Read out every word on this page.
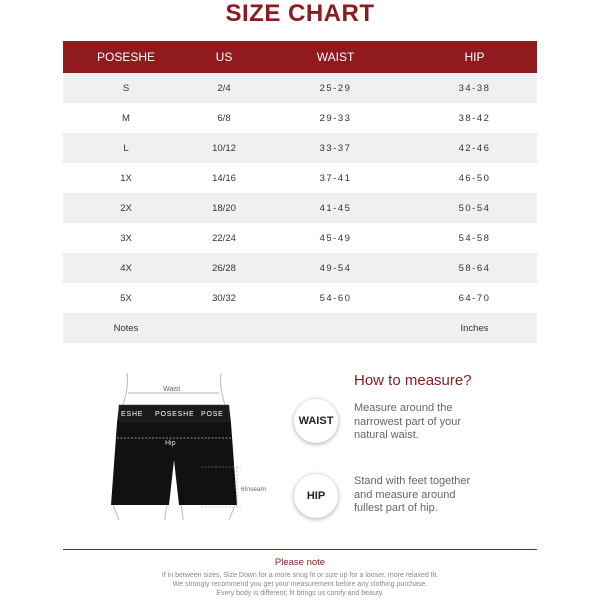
SIZE CHART
POSESHE	US	WAIST	HIP
S	2/4	25-29	34-38
M	6/8	29-33	38-42
L	10/12	33-37	42-46
1X	14/16	37-41	46-50
2X	18/20	41-45	50-54
3X	22/24	45-49	54-58
4X	26/28	49-54	58-64
5X	30/32	54-60	64-70
Notes			Inches
Waist
ESHE POSESHE POSE
Hip
6Inseam
How to measure?
WAIST
Measure around the narrowest part of your natural waist.
HIP
Stand with feet together and measure around fullest part of hip.
Please note
If in between sizes, Size Down for a more snug fit or size up for a looser, more relaxed fit.
We strongly recommend you get your measurement before any clothing purchase.
Every body is different; fit brings us comfy and beauty.
